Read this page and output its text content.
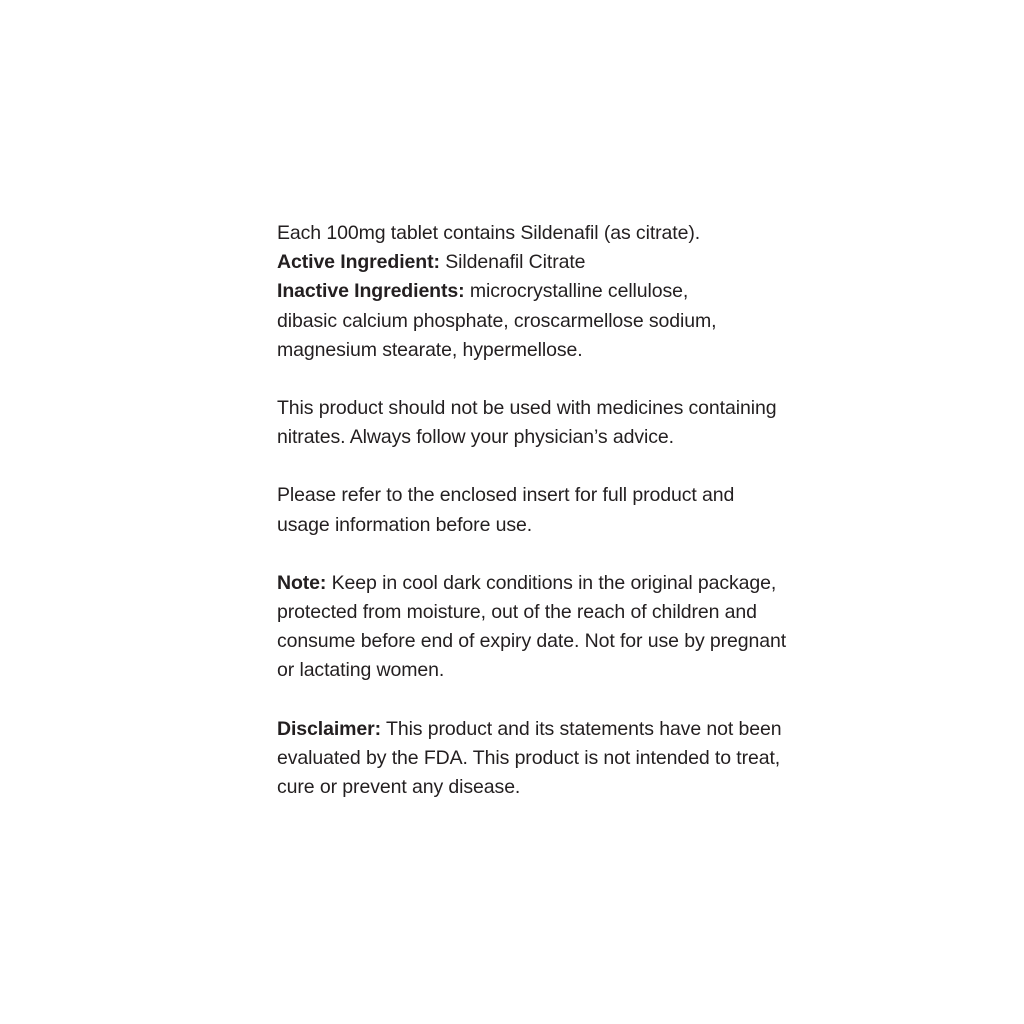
Each 100mg tablet contains Sildenafil (as citrate).
Active Ingredient: Sildenafil Citrate
Inactive Ingredients: microcrystalline cellulose,
dibasic calcium phosphate, croscarmellose sodium,
magnesium stearate, hypermellose.
This product should not be used with medicines containing
nitrates. Always follow your physician’s advice.
Please refer to the enclosed insert for full product and
usage information before use.
Note: Keep in cool dark conditions in the original package,
protected from moisture, out of the reach of children and
consume before end of expiry date. Not for use by pregnant
or lactating women.
Disclaimer: This product and its statements have not been
evaluated by the FDA. This product is not intended to treat,
cure or prevent any disease.
